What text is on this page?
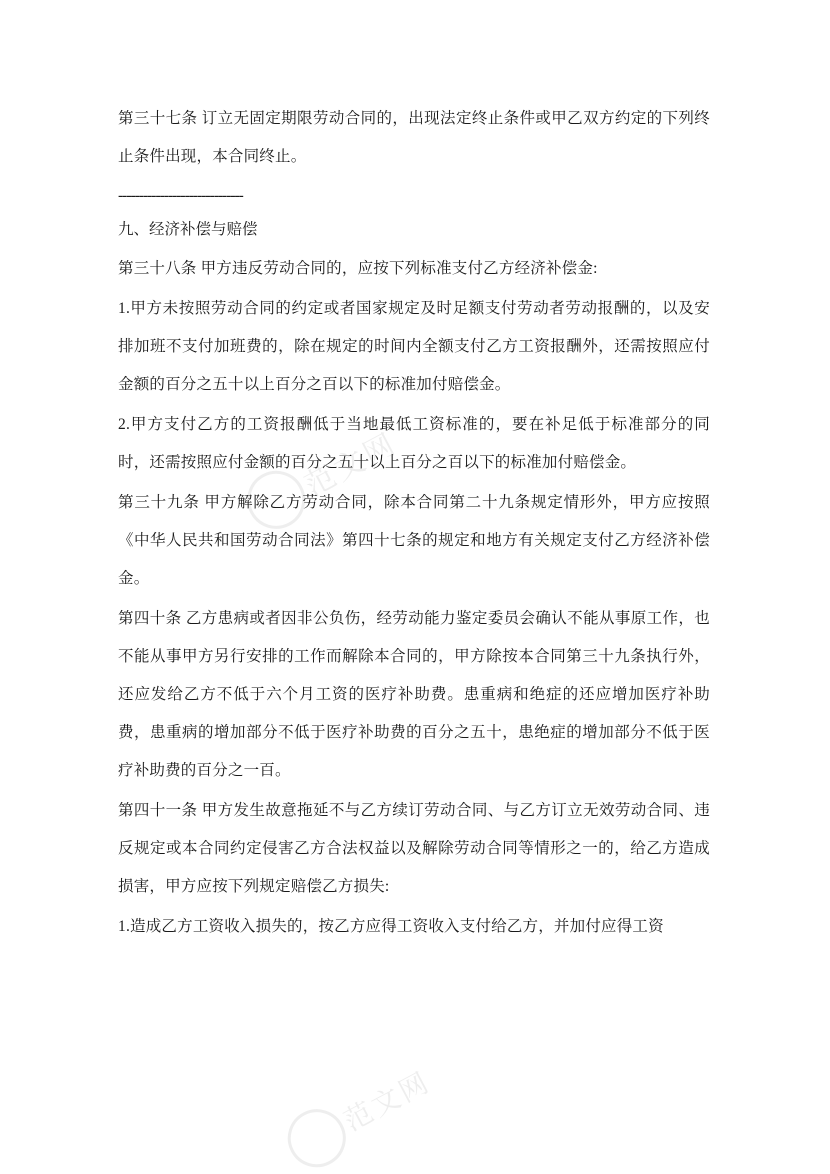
第三十七条 订立无固定期限劳动合同的，出现法定终止条件或甲乙双方约定的下列终止条件出现，本合同终止。

------------------------------

九、经济补偿与赔偿

第三十八条 甲方违反劳动合同的，应按下列标准支付乙方经济补偿金:

1.甲方未按照劳动合同的约定或者国家规定及时足额支付劳动者劳动报酬的，以及安排加班不支付加班费的，除在规定的时间内全额支付乙方工资报酬外，还需按照应付金额的百分之五十以上百分之百以下的标准加付赔偿金。

2.甲方支付乙方的工资报酬低于当地最低工资标准的，要在补足低于标准部分的同时，还需按照应付金额的百分之五十以上百分之百以下的标准加付赔偿金。

第三十九条 甲方解除乙方劳动合同，除本合同第二十九条规定情形外，甲方应按照《中华人民共和国劳动合同法》第四十七条的规定和地方有关规定支付乙方经济补偿金。

第四十条 乙方患病或者因非公负伤，经劳动能力鉴定委员会确认不能从事原工作，也不能从事甲方另行安排的工作而解除本合同的，甲方除按本合同第三十九条执行外，还应发给乙方不低于六个月工资的医疗补助费。患重病和绝症的还应增加医疗补助费，患重病的增加部分不低于医疗补助费的百分之五十，患绝症的增加部分不低于医疗补助费的百分之一百。

第四十一条 甲方发生故意拖延不与乙方续订劳动合同、与乙方订立无效劳动合同、违反规定或本合同约定侵害乙方合法权益以及解除劳动合同等情形之一的，给乙方造成损害，甲方应按下列规定赔偿乙方损失:

1.造成乙方工资收入损失的，按乙方应得工资收入支付给乙方，并加付应得工资

范文网
范文网
